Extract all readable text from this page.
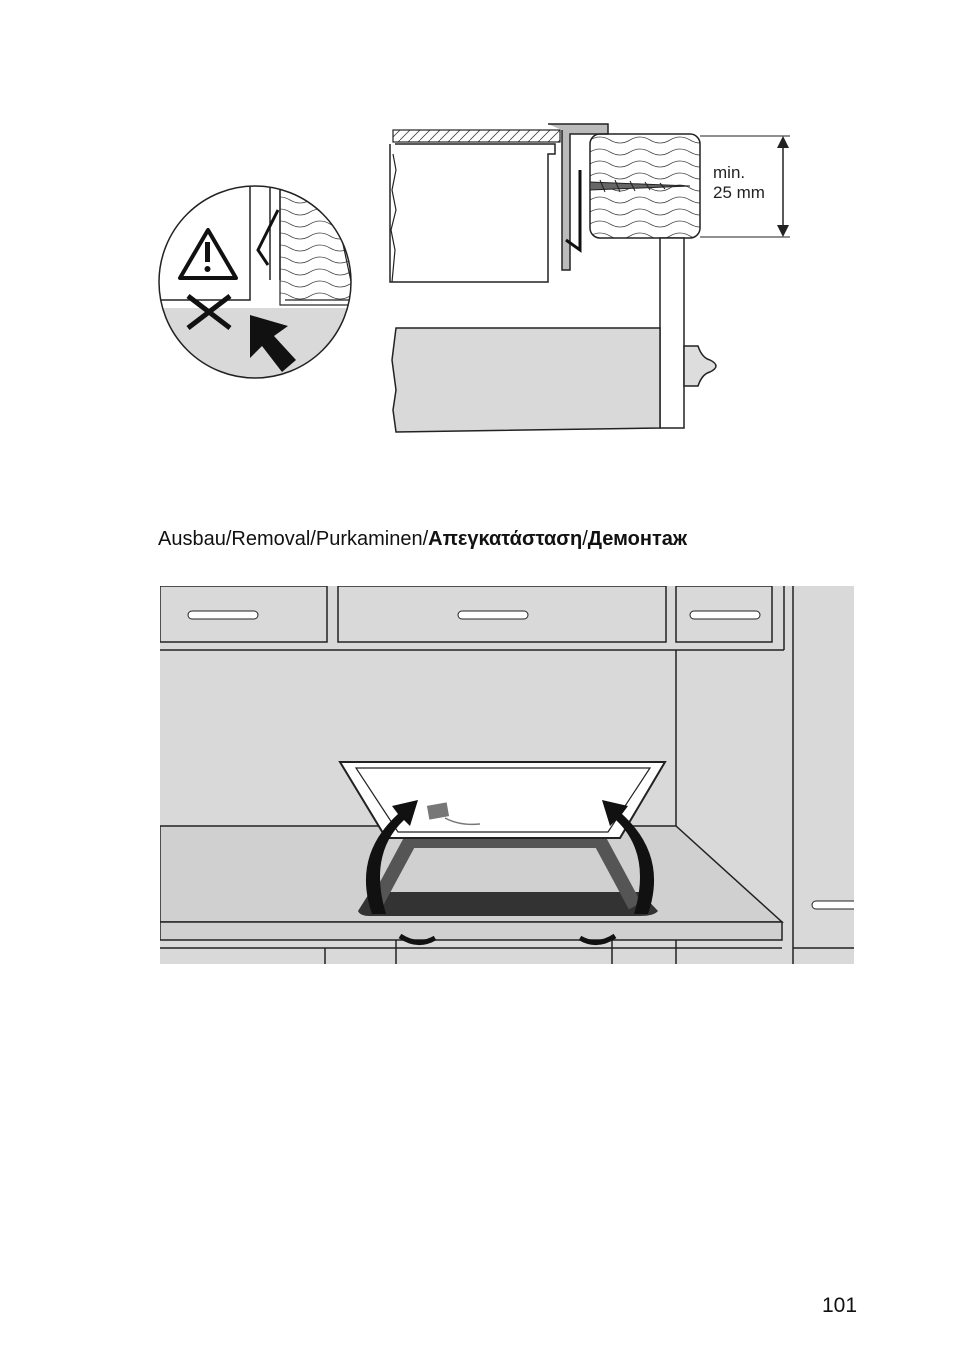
min.
25 mm
Ausbau/Removal/Purkaminen/Απεγκατάσταση/Демонтаж
101
